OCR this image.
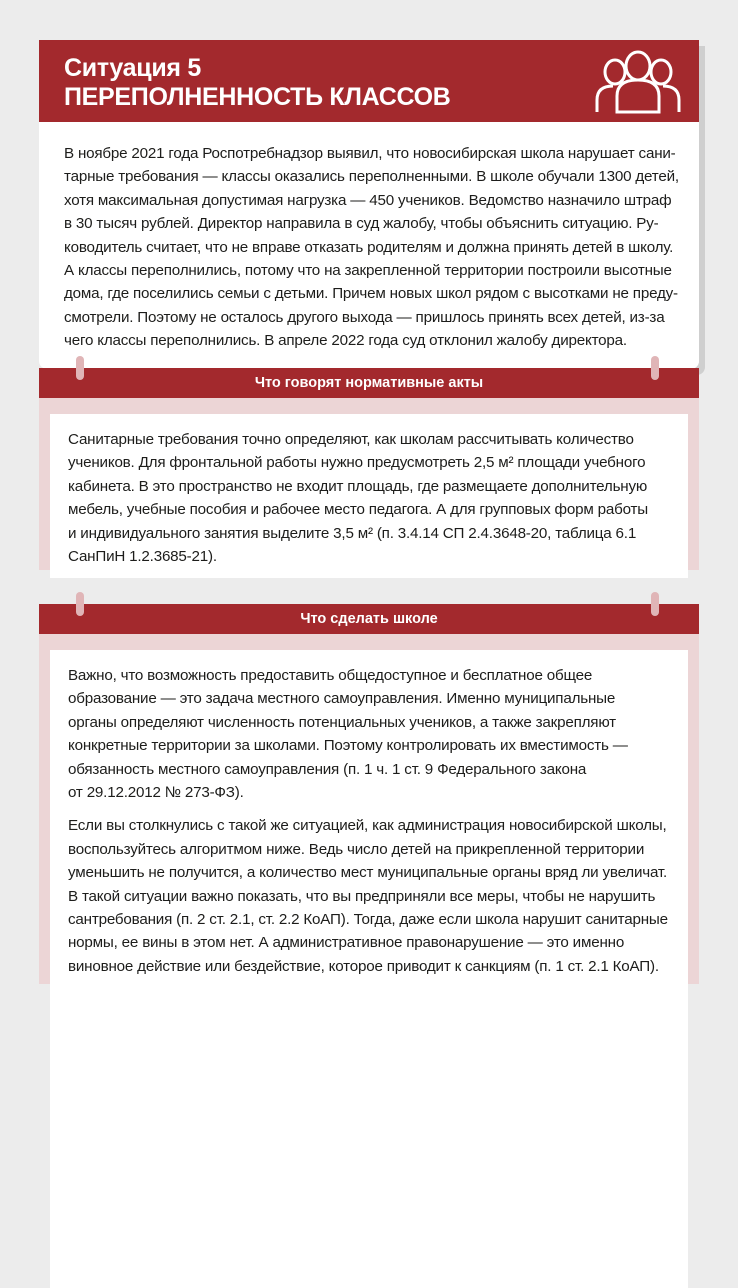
Ситуация 5
ПЕРЕПОЛНЕННОСТЬ КЛАССОВ
В ноябре 2021 года Роспотребнадзор выявил, что новосибирская школа нарушает сани-
тарные требования — классы оказались переполненными. В школе обучали 1300 детей,
хотя максимальная допустимая нагрузка — 450 учеников. Ведомство назначило штраф
в 30 тысяч рублей. Директор направила в суд жалобу, чтобы объяснить ситуацию. Ру-
ководитель считает, что не вправе отказать родителям и должна принять детей в школу.
А классы переполнились, потому что на закрепленной территории построили высотные
дома, где поселились семьи с детьми. Причем новых школ рядом с высотками не преду-
смотрели. Поэтому не осталось другого выхода — пришлось принять всех детей, из-за
чего классы переполнились. В апреле 2022 года суд отклонил жалобу директора.
Что говорят нормативные акты
Санитарные требования точно определяют, как школам рассчитывать количество
учеников. Для фронтальной работы нужно предусмотреть 2,5 м² площади учебного
кабинета. В это пространство не входит площадь, где размещаете дополнительную
мебель, учебные пособия и рабочее место педагога. А для групповых форм работы
и индивидуального занятия выделите 3,5 м² (п. 3.4.14 СП 2.4.3648-20, таблица 6.1
СанПиН 1.2.3685-21).
Что сделать школе
Важно, что возможность предоставить общедоступное и бесплатное общее
образование — это задача местного самоуправления. Именно муниципальные
органы определяют численность потенциальных учеников, а также закрепляют
конкретные территории за школами. Поэтому контролировать их вместимость —
обязанность местного самоуправления (п. 1 ч. 1 ст. 9 Федерального закона
от 29.12.2012 № 273-ФЗ).
Если вы столкнулись с такой же ситуацией, как администрация новосибирской школы,
воспользуйтесь алгоритмом ниже. Ведь число детей на прикрепленной территории
уменьшить не получится, а количество мест муниципальные органы вряд ли увеличат.
В такой ситуации важно показать, что вы предприняли все меры, чтобы не нарушить
сантребования (п. 2 ст. 2.1, ст. 2.2 КоАП). Тогда, даже если школа нарушит санитарные
нормы, ее вины в этом нет. А административное правонарушение — это именно
виновное действие или бездействие, которое приводит к санкциям (п. 1 ст. 2.1 КоАП).
